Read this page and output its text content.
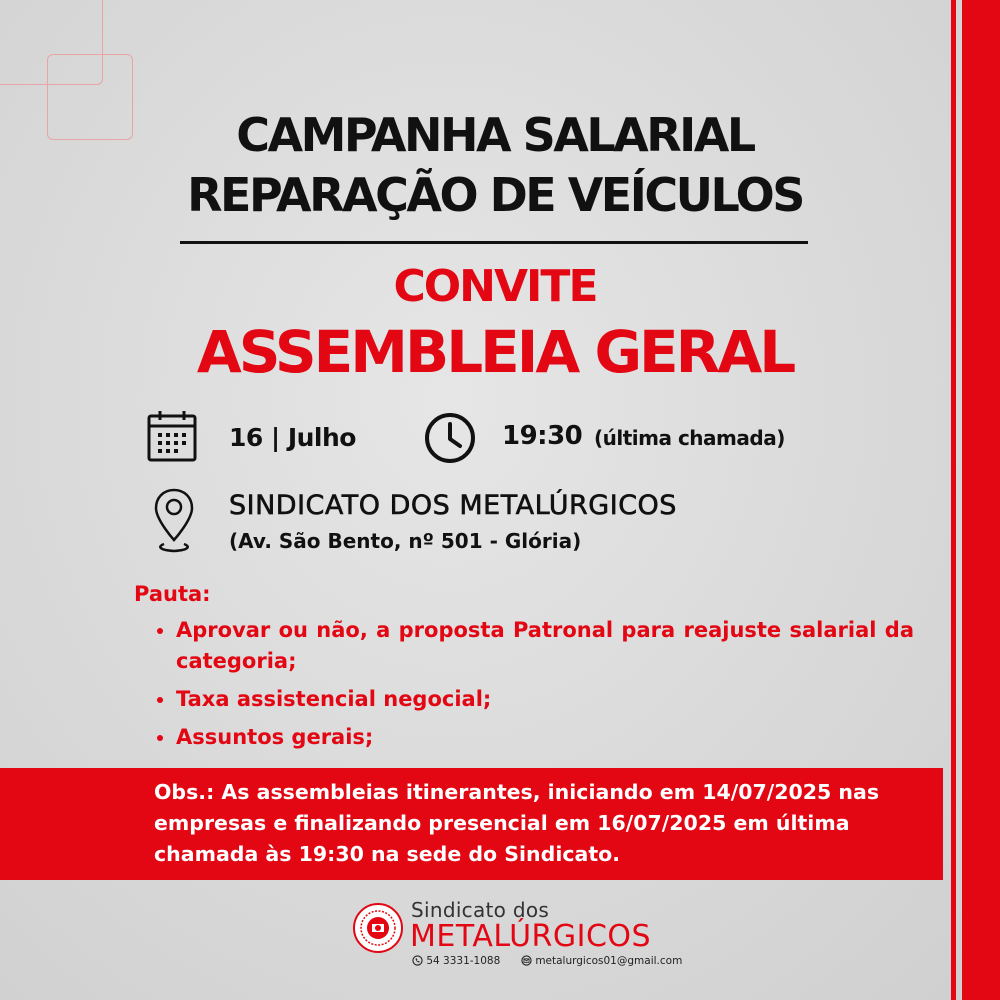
CAMPANHA SALARIAL
REPARAÇÃO DE VEÍCULOS
CONVITE
ASSEMBLEIA GERAL
16 | Julho	19:30 (última chamada)
SINDICATO DOS METALÚRGICOS
(Av. São Bento, nº 501 - Glória)
Pauta:
• Aprovar ou não, a proposta Patronal para reajuste salarial da categoria;
• Taxa assistencial negocial;
• Assuntos gerais;
Obs.: As assembleias itinerantes, iniciando em 14/07/2025 nas empresas e finalizando presencial em 16/07/2025 em última chamada às 19:30 na sede do Sindicato.
Sindicato dos
METALÚRGICOS
54 3331-1088	metalurgicos01@gmail.com
